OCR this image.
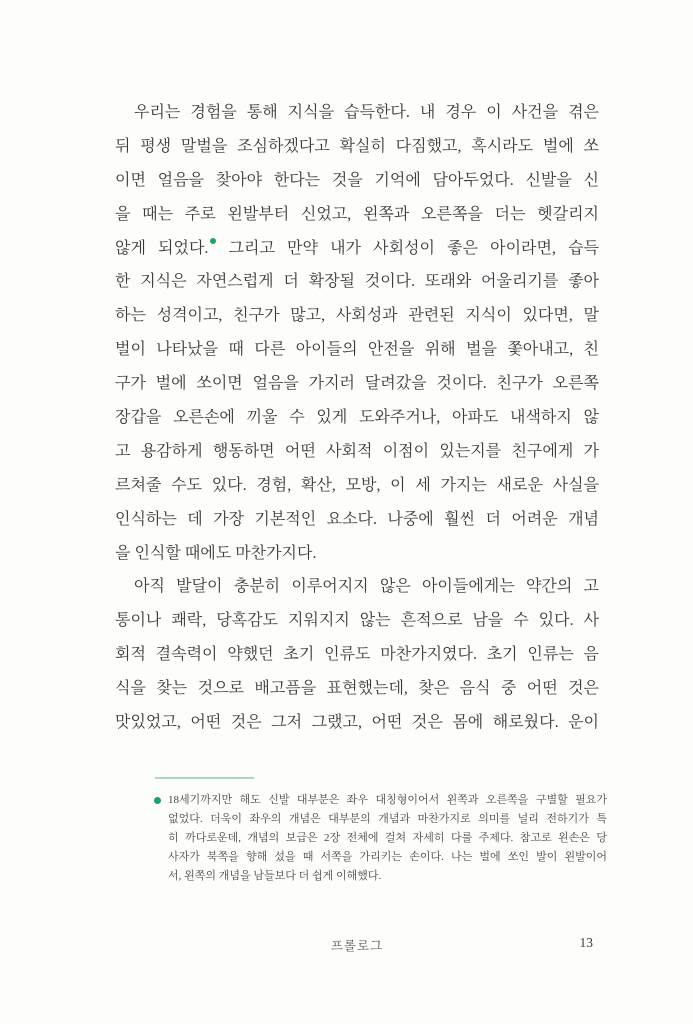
우리는 경험을 통해 지식을 습득한다. 내 경우 이 사건을 겪은
뒤 평생 말벌을 조심하겠다고 확실히 다짐했고, 혹시라도 벌에 쏘
이면 얼음을 찾아야 한다는 것을 기억에 담아두었다. 신발을 신
을 때는 주로 왼발부터 신었고, 왼쪽과 오른쪽을 더는 헷갈리지
않게 되었다. 그리고 만약 내가 사회성이 좋은 아이라면, 습득
한 지식은 자연스럽게 더 확장될 것이다. 또래와 어울리기를 좋아
하는 성격이고, 친구가 많고, 사회성과 관련된 지식이 있다면, 말
벌이 나타났을 때 다른 아이들의 안전을 위해 벌을 쫓아내고, 친
구가 벌에 쏘이면 얼음을 가지러 달려갔을 것이다. 친구가 오른쪽
장갑을 오른손에 끼울 수 있게 도와주거나, 아파도 내색하지 않
고 용감하게 행동하면 어떤 사회적 이점이 있는지를 친구에게 가
르쳐줄 수도 있다. 경험, 확산, 모방, 이 세 가지는 새로운 사실을
인식하는 데 가장 기본적인 요소다. 나중에 훨씬 더 어려운 개념
을 인식할 때에도 마찬가지다.
아직 발달이 충분히 이루어지지 않은 아이들에게는 약간의 고
통이나 쾌락, 당혹감도 지워지지 않는 흔적으로 남을 수 있다. 사
회적 결속력이 약했던 초기 인류도 마찬가지였다. 초기 인류는 음
식을 찾는 것으로 배고픔을 표현했는데, 찾은 음식 중 어떤 것은
맛있었고, 어떤 것은 그저 그랬고, 어떤 것은 몸에 해로웠다. 운이
18세기까지만 해도 신발 대부분은 좌우 대칭형이어서 왼쪽과 오른쪽을 구별할 필요가
없었다. 더욱이 좌우의 개념은 대부분의 개념과 마찬가지로 의미를 널리 전하기가 특
히 까다로운데, 개념의 보급은 2장 전체에 걸쳐 자세히 다룰 주제다. 참고로 왼손은 당
사자가 북쪽을 향해 섰을 때 서쪽을 가리키는 손이다. 나는 벌에 쏘인 발이 왼발이어
서, 왼쪽의 개념을 남들보다 더 쉽게 이해했다.
프롤로그	13
